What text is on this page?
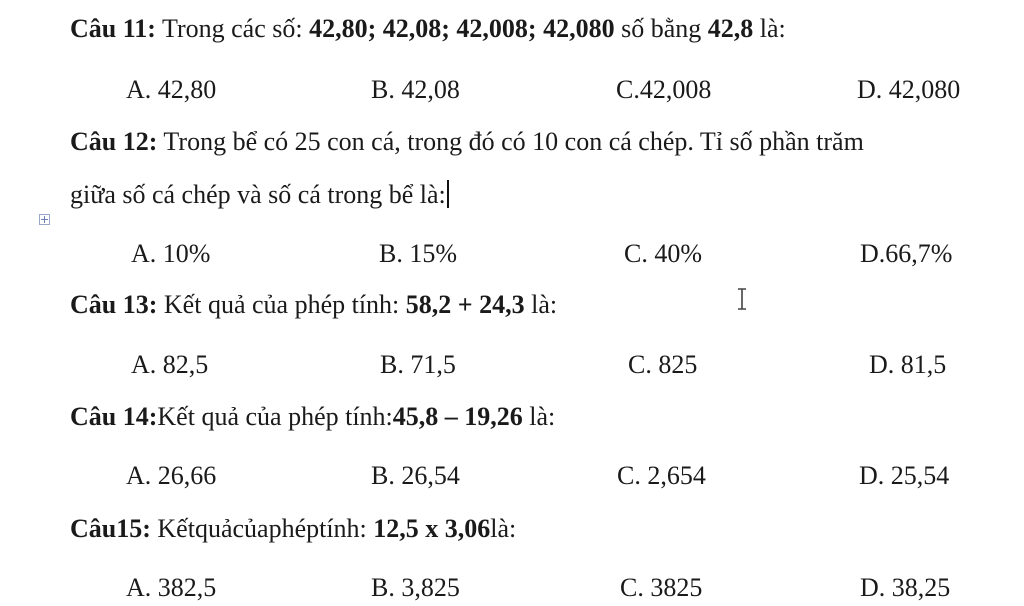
Câu 11: Trong các số: 42,80; 42,08; 42,008; 42,080 số bằng 42,8 là:
A. 42,80	B. 42,08	C.42,008	D. 42,080
Câu 12: Trong bể có 25 con cá, trong đó có 10 con cá chép. Tỉ số phần trăm
giữa số cá chép và số cá trong bể là:
A. 10%	B. 15%	C. 40%	D.66,7%
Câu 13: Kết quả của phép tính: 58,2 + 24,3 là:
A. 82,5	B. 71,5	C. 825	D. 81,5
Câu 14:Kết quả của phép tính:45,8 – 19,26 là:
A. 26,66	B. 26,54	C. 2,654	D. 25,54
Câu15: Kếtquảcủaphéptính: 12,5 x 3,06là:
A. 382,5	B. 3,825	C. 3825	D. 38,25
